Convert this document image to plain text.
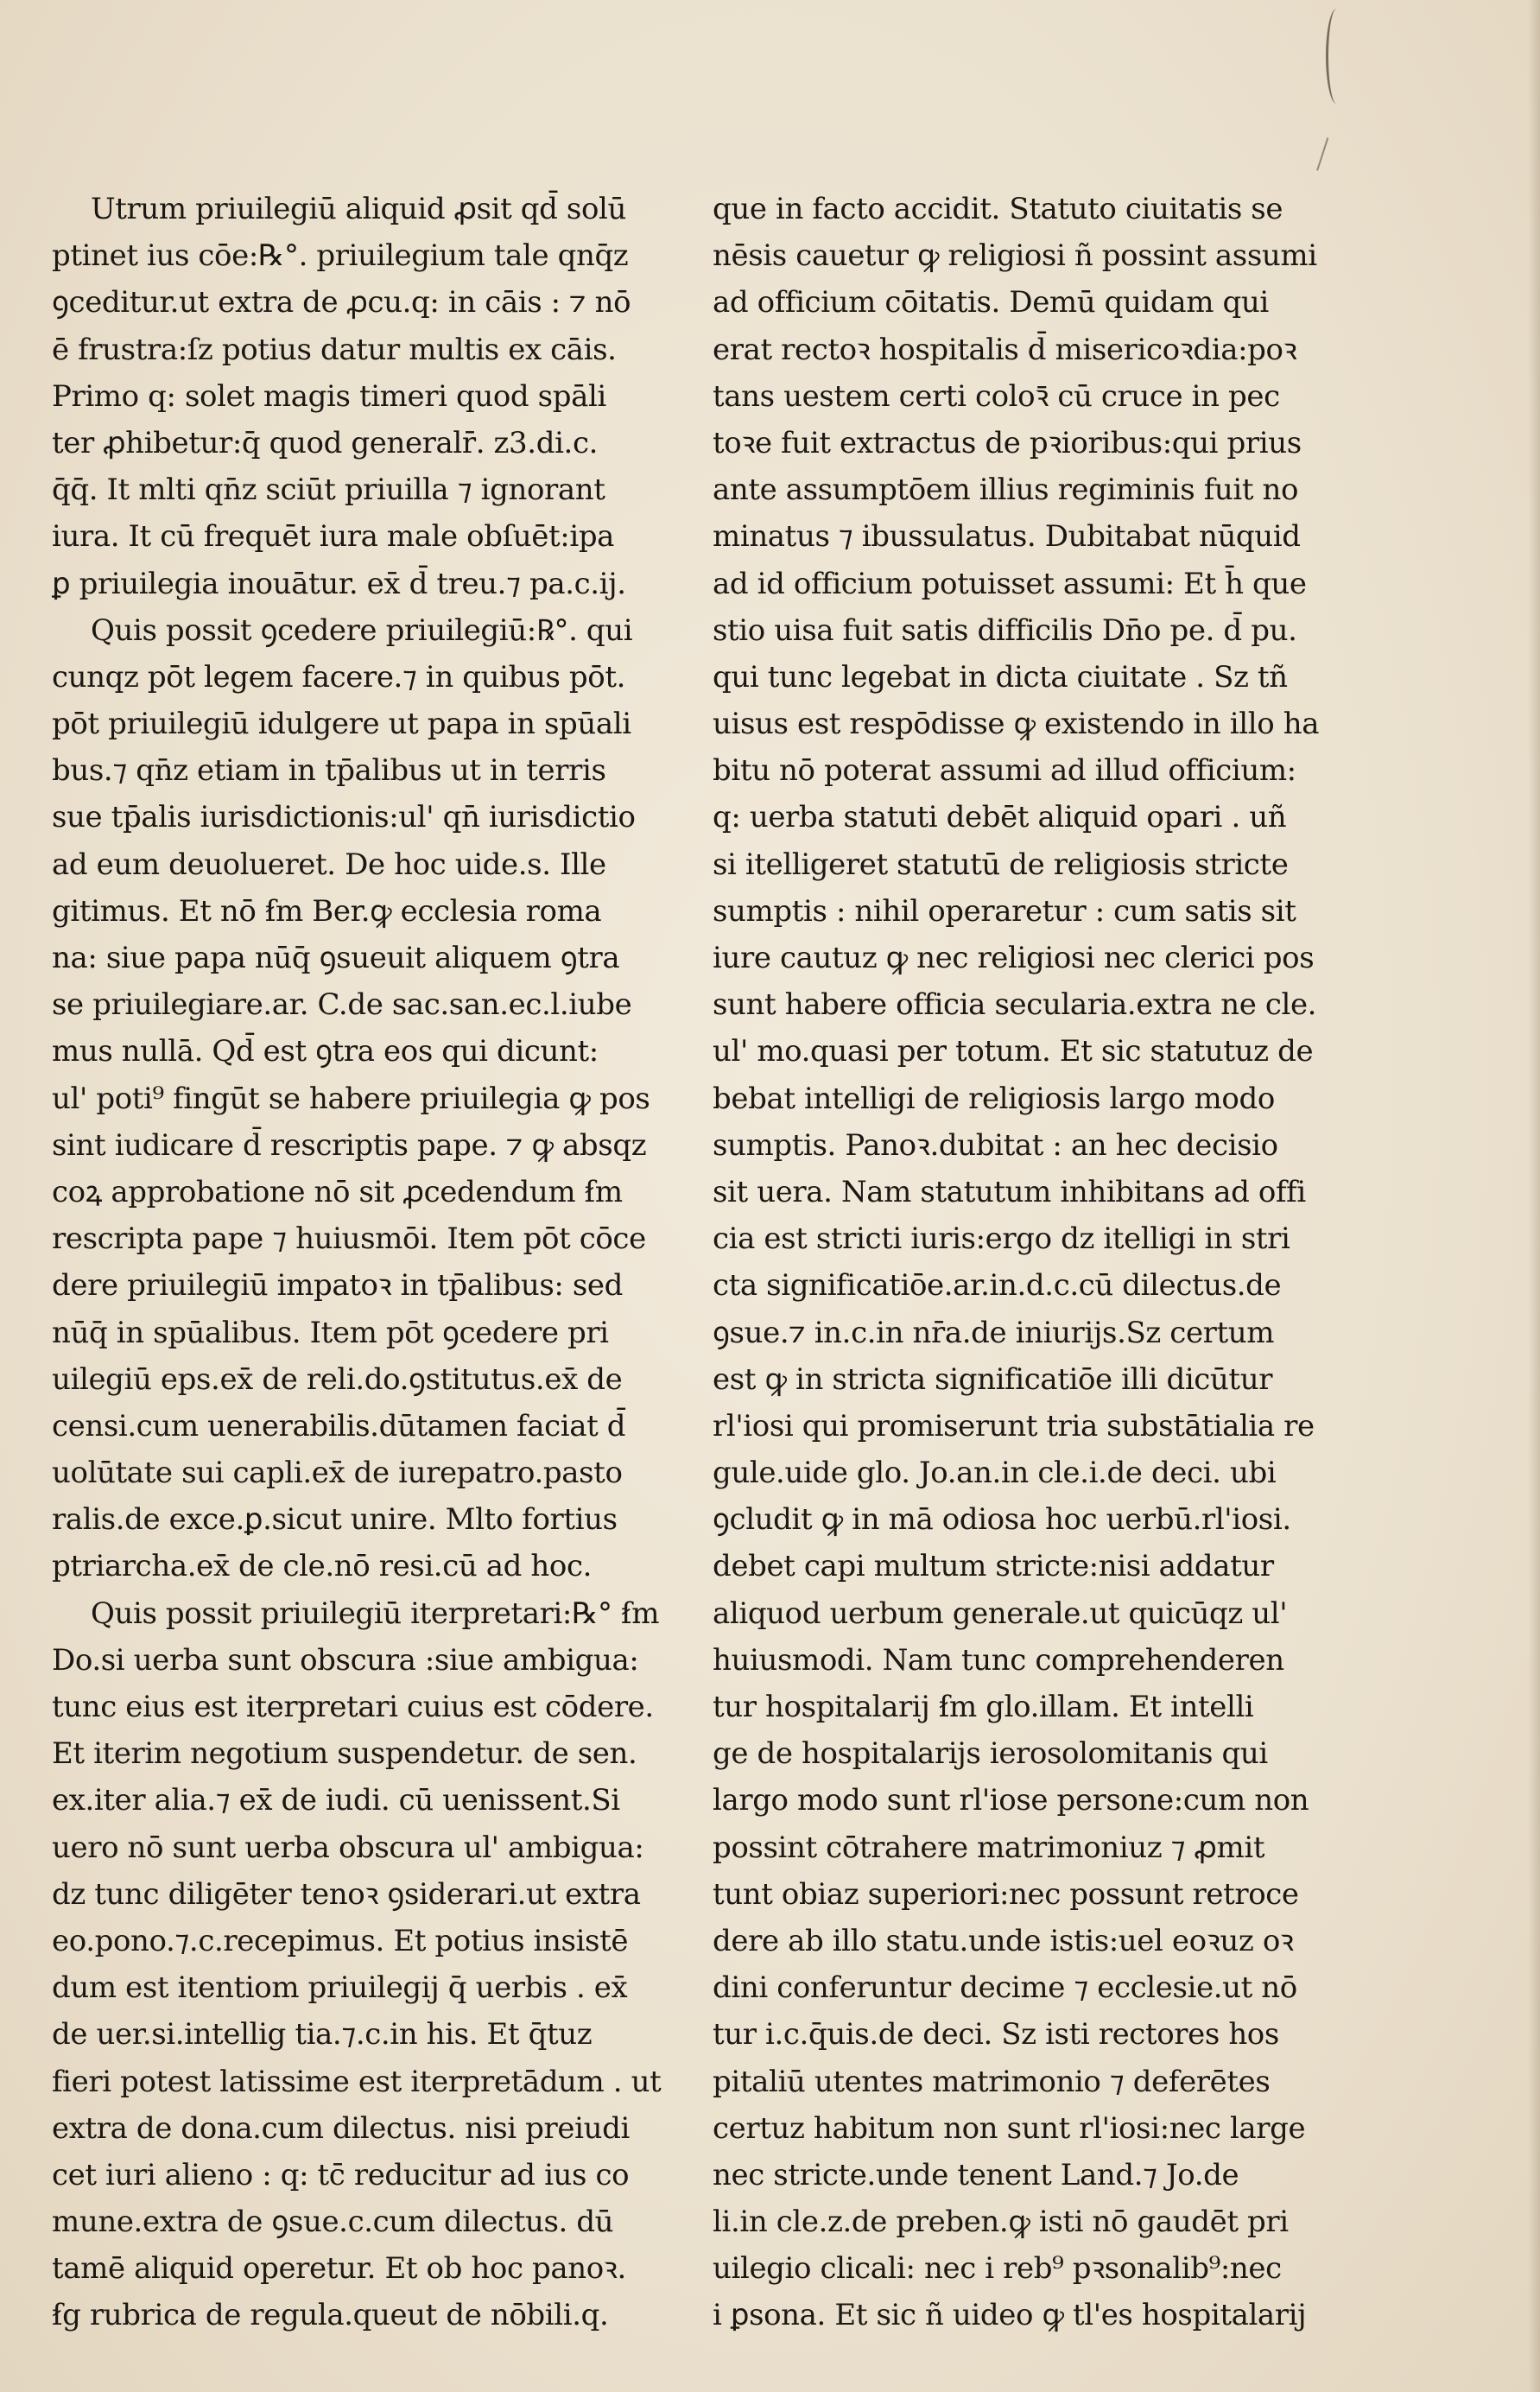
Utrum priuilegiū aliquid ꝓsit qd̄ solū
ptinet ius cōe:℞°. priuilegium tale qnq̄z
ꝯceditur.ut extra de ꝓcu.q: in cāis : ⁊ nō
ē frustra:ſz potius datur multis ex cāis.
Primo q: solet magis timeri quod spāli
ter ꝓhibetur:q̄ quod generalr̄. z3.di.c.
q̄q̄. It mlti qn̄z sciūt priuilla ⁊ ignorant
iura. It cū frequēt iura male obſuēt:ipa
ꝑ priuilegia inouātur. ex̄ d̄ treu.⁊ pa.c.ij.
Quis possit ꝯcedere priuilegiū:℞°. qui
cunqz pōt legem facere.⁊ in quibus pōt.
pōt priuilegiū idulgere ut papa in spūali
bus.⁊ qn̄z etiam in tp̄alibus ut in terris
sue tp̄alis iurisdictionis:ul' qn̄ iurisdictio
ad eum deuolueret. De hoc uide.s. Ille
gitimus. Et nō ẜm Ber.ꝙ ecclesia roma
na: siue papa nūq̄ ꝯsueuit aliquem ꝯtra
se priuilegiare.ar. C.de sac.san.ec.l.iube
mus nullā. Qd̄ est ꝯtra eos qui dicunt:
ul' poti⁹ fingūt se habere priuilegia ꝙ pos
sint iudicare d̄ rescriptis pape. ⁊ ꝙ absqz
coꝝ approbatione nō sit ꝓcedendum ẜm
rescripta pape ⁊ huiusmōi. Item pōt cōce
dere priuilegiū impatoꝛ in tp̄alibus: sed
nūq̄ in spūalibus. Item pōt ꝯcedere pri
uilegiū eps.ex̄ de reli.do.ꝯstitutus.ex̄ de
censi.cum uenerabilis.dūtamen faciat d̄
uolūtate sui capli.ex̄ de iurepatro.pasto
ralis.de exce.ꝑ.sicut unire. Mlto fortius
ptriarcha.ex̄ de cle.nō resi.cū ad hoc.
Quis possit priuilegiū iterpretari:℞° ẜm
Do.si uerba sunt obscura :siue ambigua:
tunc eius est iterpretari cuius est cōdere.
Et iterim negotium suspendetur. de sen.
ex.iter alia.⁊ ex̄ de iudi. cū uenissent.Si
uero nō sunt uerba obscura ul' ambigua:
dz tunc diligēter tenoꝛ ꝯsiderari.ut extra
eo.pono.⁊.c.recepimus. Et potius insistē
dum est itentiom priuilegij q̄ uerbis . ex̄
de uer.si.intellig tia.⁊.c.in his. Et q̄tuz
fieri potest latissime est iterpretādum . ut
extra de dona.cum dilectus. nisi preiudi
cet iuri alieno : q: tc̄ reducitur ad ius co
mune.extra de ꝯsue.c.cum dilectus. dū
tamē aliquid operetur. Et ob hoc panoꝛ.
ẜg rubrica de regula.queut de nōbili.q.
que in facto accidit. Statuto ciuitatis se
nēsis cauetur ꝙ religiosi ñ possint assumi
ad officium cōitatis. Demū quidam qui
erat rectoꝛ hospitalis d̄ misericoꝛdia:poꝛ
tans uestem certi coloꝛ̄ cū cruce in pec
toꝛe fuit extractus de pꝛioribus:qui prius
ante assumptōem illius regiminis fuit no
minatus ⁊ ibussulatus. Dubitabat nūquid
ad id officium potuisset assumi: Et h̄ que
stio uisa fuit satis difficilis Dn̄o pe. d̄ pu.
qui tunc legebat in dicta ciuitate . Sz tñ
uisus est respōdisse ꝙ existendo in illo ha
bitu nō poterat assumi ad illud officium:
q: uerba statuti debēt aliquid opari . uñ
si itelligeret statutū de religiosis stricte
sumptis : nihil operaretur : cum satis sit
iure cautuz ꝙ nec religiosi nec clerici pos
sunt habere officia secularia.extra ne cle.
ul' mo.quasi per totum. Et sic statutuz de
bebat intelligi de religiosis largo modo
sumptis. Panoꝛ.dubitat : an hec decisio
sit uera. Nam statutum inhibitans ad offi
cia est stricti iuris:ergo dz itelligi in stri
cta significatiōe.ar.in.d.c.cū dilectus.de
ꝯsue.⁊ in.c.in nr̄a.de iniurijs.Sz certum
est ꝙ in stricta significatiōe illi dicūtur
rl'iosi qui promiserunt tria substātialia re
gule.uide glo. Jo.an.in cle.i.de deci. ubi
ꝯcludit ꝙ in mā odiosa hoc uerbū.rl'iosi.
debet capi multum stricte:nisi addatur
aliquod uerbum generale.ut quicūqz ul'
huiusmodi. Nam tunc comprehenderen
tur hospitalarij ẜm glo.illam. Et intelli
ge de hospitalarijs ierosolomitanis qui
largo modo sunt rl'iose persone:cum non
possint cōtrahere matrimoniuz ⁊ ꝓmit
tunt obiaz superiori:nec possunt retroce
dere ab illo statu.unde istis:uel eoꝛuz oꝛ
dini conferuntur decime ⁊ ecclesie.ut nō
tur i.c.q̄uis.de deci. Sz isti rectores hos
pitaliū utentes matrimonio ⁊ deferētes
certuz habitum non sunt rl'iosi:nec large
nec stricte.unde tenent Land.⁊ Jo.de
li.in cle.z.de preben.ꝙ isti nō gaudēt pri
uilegio clicali: nec i reb⁹ pꝛsonalib⁹:nec
i ꝑsona. Et sic ñ uideo ꝙ tl'es hospitalarij
